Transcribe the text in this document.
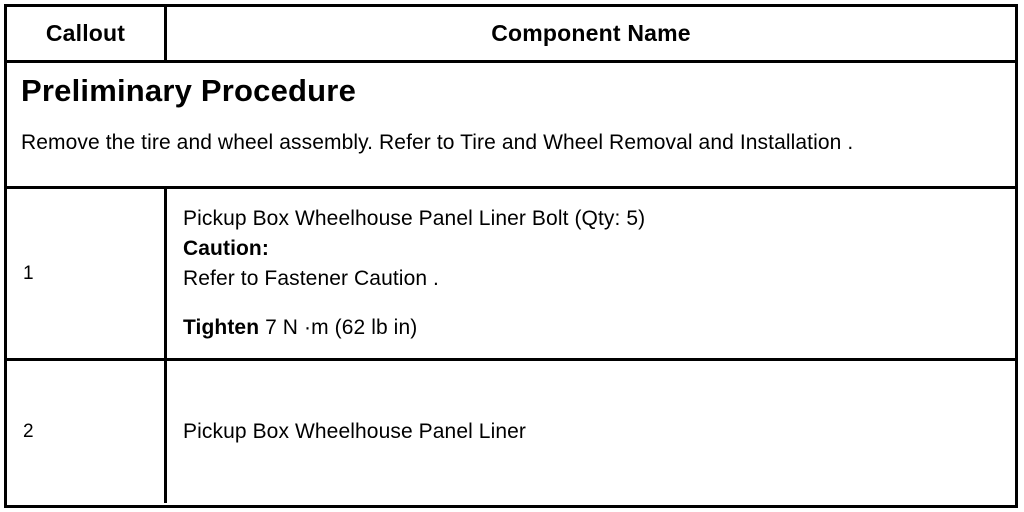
Callout	Component Name
Preliminary Procedure
Remove the tire and wheel assembly. Refer to Tire and Wheel Removal and Installation .
1
Pickup Box Wheelhouse Panel Liner Bolt (Qty: 5)
Caution:
Refer to Fastener Caution .
Tighten 7 N ·m (62 lb in)
2	Pickup Box Wheelhouse Panel Liner
